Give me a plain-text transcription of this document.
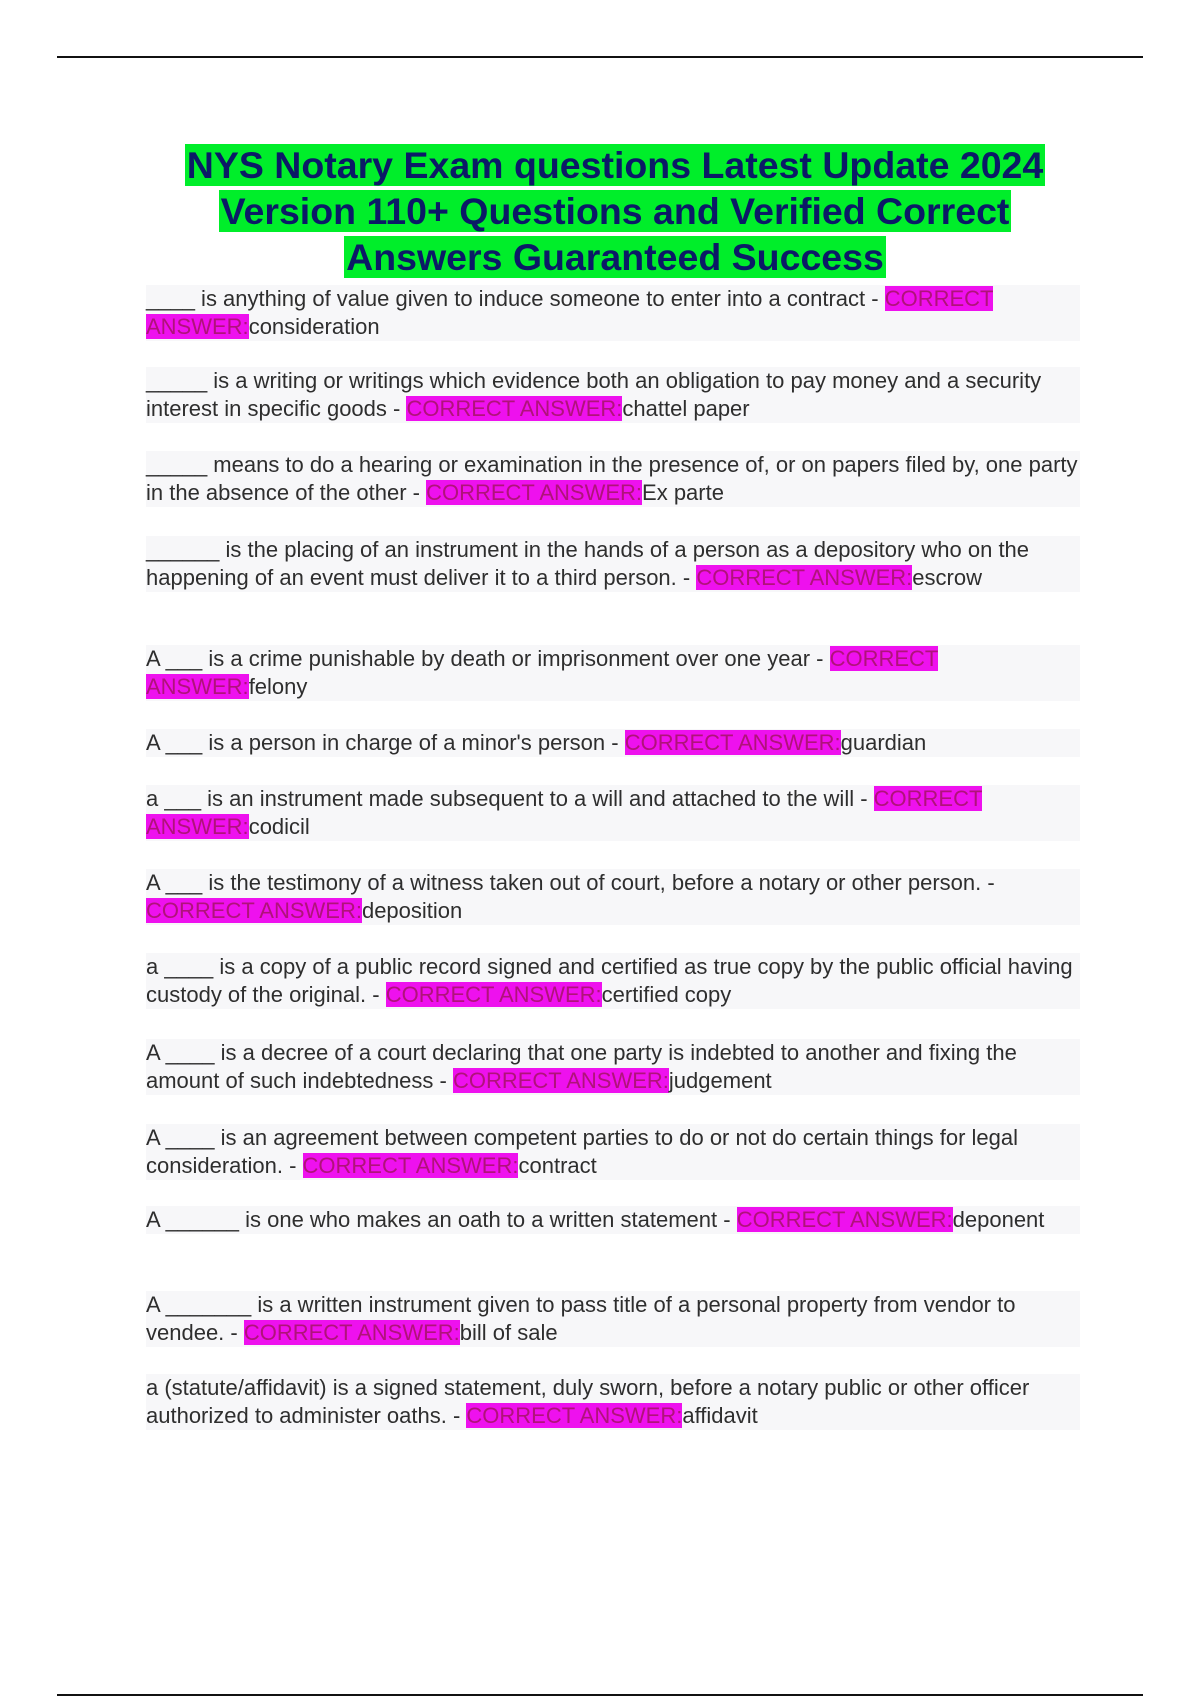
NYS Notary Exam questions Latest Update 2024 Version 110+ Questions and Verified Correct Answers Guaranteed Success

____ is anything of value given to induce someone to enter into a contract - CORRECT ANSWER:consideration

_____ is a writing or writings which evidence both an obligation to pay money and a security interest in specific goods - CORRECT ANSWER:chattel paper

_____ means to do a hearing or examination in the presence of, or on papers filed by, one party in the absence of the other - CORRECT ANSWER:Ex parte

______ is the placing of an instrument in the hands of a person as a depository who on the happening of an event must deliver it to a third person. - CORRECT ANSWER:escrow

A ___ is a crime punishable by death or imprisonment over one year - CORRECT ANSWER:felony

A ___ is a person in charge of a minor's person - CORRECT ANSWER:guardian

a ___ is an instrument made subsequent to a will and attached to the will - CORRECT ANSWER:codicil

A ___ is the testimony of a witness taken out of court, before a notary or other person. - CORRECT ANSWER:deposition

a ____ is a copy of a public record signed and certified as true copy by the public official having custody of the original. - CORRECT ANSWER:certified copy

A ____ is a decree of a court declaring that one party is indebted to another and fixing the amount of such indebtedness - CORRECT ANSWER:judgement

A ____ is an agreement between competent parties to do or not do certain things for legal consideration. - CORRECT ANSWER:contract

A ______ is one who makes an oath to a written statement - CORRECT ANSWER:deponent

A _______ is a written instrument given to pass title of a personal property from vendor to vendee. - CORRECT ANSWER:bill of sale

a (statute/affidavit) is a signed statement, duly sworn, before a notary public or other officer authorized to administer oaths. - CORRECT ANSWER:affidavit
